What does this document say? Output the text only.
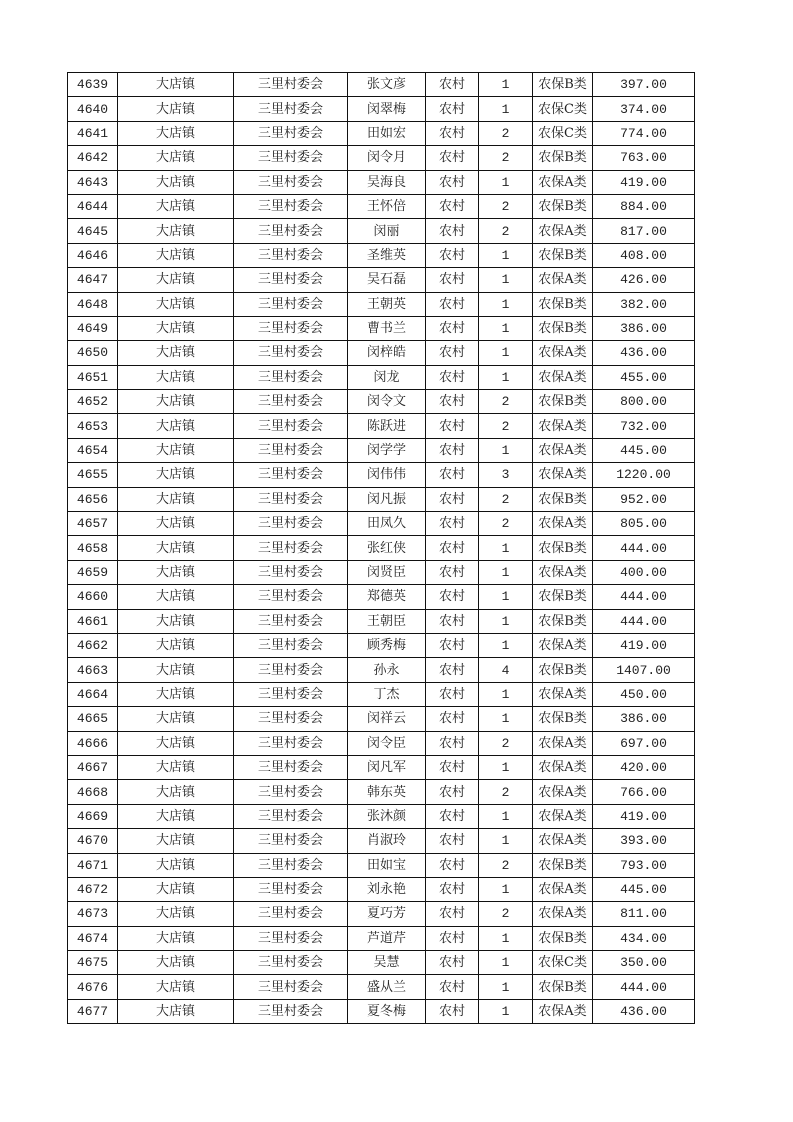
4639	大店镇	三里村委会	张文彦	农村	1	农保B类	397.00
4640	大店镇	三里村委会	闵翠梅	农村	1	农保C类	374.00
4641	大店镇	三里村委会	田如宏	农村	2	农保C类	774.00
4642	大店镇	三里村委会	闵令月	农村	2	农保B类	763.00
4643	大店镇	三里村委会	吴海良	农村	1	农保A类	419.00
4644	大店镇	三里村委会	王怀倍	农村	2	农保B类	884.00
4645	大店镇	三里村委会	闵丽	农村	2	农保A类	817.00
4646	大店镇	三里村委会	圣维英	农村	1	农保B类	408.00
4647	大店镇	三里村委会	吴石磊	农村	1	农保A类	426.00
4648	大店镇	三里村委会	王朝英	农村	1	农保B类	382.00
4649	大店镇	三里村委会	曹书兰	农村	1	农保B类	386.00
4650	大店镇	三里村委会	闵梓皓	农村	1	农保A类	436.00
4651	大店镇	三里村委会	闵龙	农村	1	农保A类	455.00
4652	大店镇	三里村委会	闵令文	农村	2	农保B类	800.00
4653	大店镇	三里村委会	陈跃进	农村	2	农保A类	732.00
4654	大店镇	三里村委会	闵学学	农村	1	农保A类	445.00
4655	大店镇	三里村委会	闵伟伟	农村	3	农保A类	1220.00
4656	大店镇	三里村委会	闵凡振	农村	2	农保B类	952.00
4657	大店镇	三里村委会	田凤久	农村	2	农保A类	805.00
4658	大店镇	三里村委会	张红侠	农村	1	农保B类	444.00
4659	大店镇	三里村委会	闵贤臣	农村	1	农保A类	400.00
4660	大店镇	三里村委会	郑德英	农村	1	农保B类	444.00
4661	大店镇	三里村委会	王朝臣	农村	1	农保B类	444.00
4662	大店镇	三里村委会	顾秀梅	农村	1	农保A类	419.00
4663	大店镇	三里村委会	孙永	农村	4	农保B类	1407.00
4664	大店镇	三里村委会	丁杰	农村	1	农保A类	450.00
4665	大店镇	三里村委会	闵祥云	农村	1	农保B类	386.00
4666	大店镇	三里村委会	闵令臣	农村	2	农保A类	697.00
4667	大店镇	三里村委会	闵凡军	农村	1	农保A类	420.00
4668	大店镇	三里村委会	韩东英	农村	2	农保A类	766.00
4669	大店镇	三里村委会	张沐颜	农村	1	农保A类	419.00
4670	大店镇	三里村委会	肖淑玲	农村	1	农保A类	393.00
4671	大店镇	三里村委会	田如宝	农村	2	农保B类	793.00
4672	大店镇	三里村委会	刘永艳	农村	1	农保A类	445.00
4673	大店镇	三里村委会	夏巧芳	农村	2	农保A类	811.00
4674	大店镇	三里村委会	芦道芹	农村	1	农保B类	434.00
4675	大店镇	三里村委会	吴慧	农村	1	农保C类	350.00
4676	大店镇	三里村委会	盛从兰	农村	1	农保B类	444.00
4677	大店镇	三里村委会	夏冬梅	农村	1	农保A类	436.00
